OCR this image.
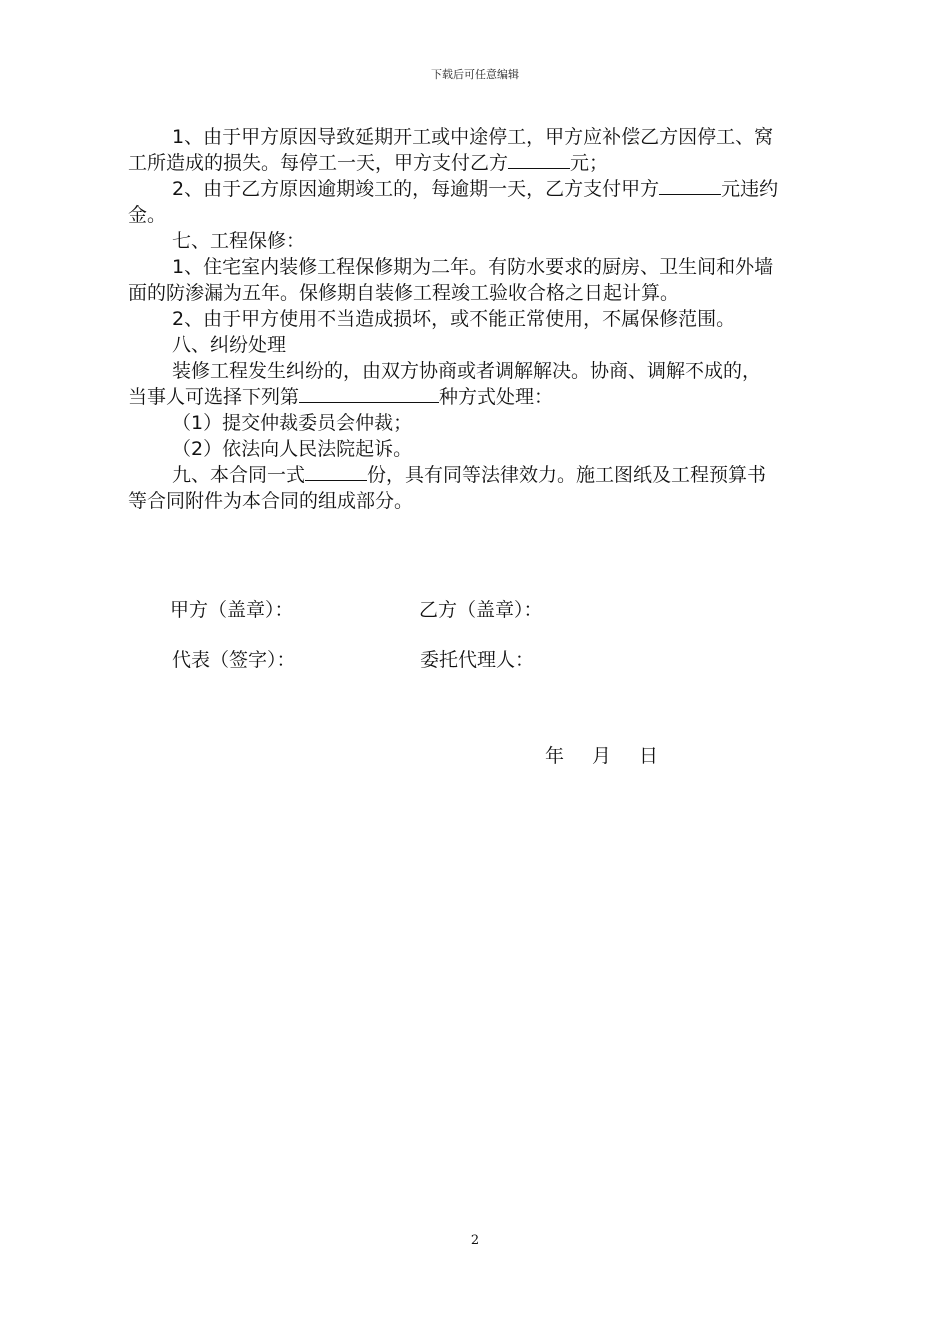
下载后可任意编辑

1、由于甲方原因导致延期开工或中途停工，甲方应补偿乙方因停工、窝

工所造成的损失。每停工一天，甲方支付乙方	元；

2、由于乙方原因逾期竣工的，每逾期一天，乙方支付甲方	元违约

金。

七、工程保修：

1、住宅室内装修工程保修期为二年。有防水要求的厨房、卫生间和外墙

面的防渗漏为五年。保修期自装修工程竣工验收合格之日起计算。

2、由于甲方使用不当造成损坏，或不能正常使用，不属保修范围。

八、纠纷处理

装修工程发生纠纷的，由双方协商或者调解解决。协商、调解不成的，

当事人可选择下列第	种方式处理：

（1）提交仲裁委员会仲裁；

（2）依法向人民法院起诉。

九、本合同一式	份，具有同等法律效力。施工图纸及工程预算书

等合同附件为本合同的组成部分。

甲方（盖章）：	乙方（盖章）：
代表（签字）：	委托代理人：
年 月 日
2
